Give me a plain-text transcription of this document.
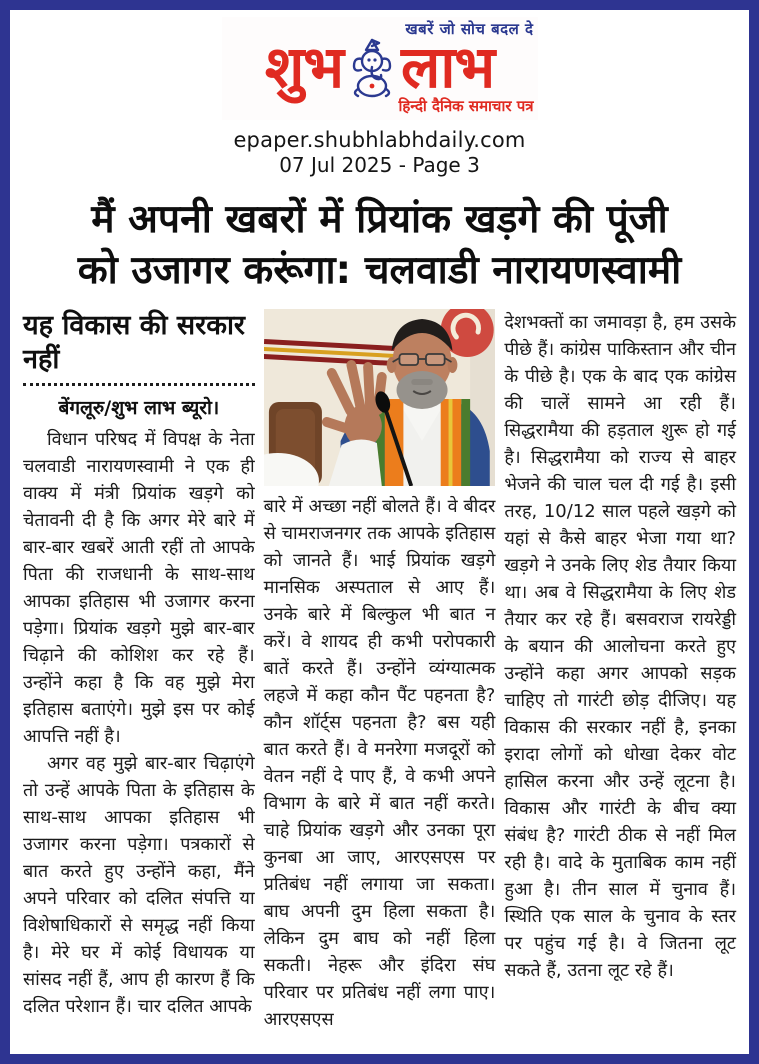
खबरें जो सोच बदल दे
शुभ लाभ
हिन्दी दैनिक समाचार पत्र
epaper.shubhlabhdaily.com
07 Jul 2025 - Page 3
मैं अपनी खबरों में प्रियांक खड़गे की पूंजी
को उजागर करूंगा: चलवाडी नारायणस्वामी
यह विकास की सरकार नहीं
बेंगलूरु/शुभ लाभ ब्यूरो।

विधान परिषद में विपक्ष के नेता चलवाडी नारायणस्वामी ने एक ही वाक्य में मंत्री प्रियांक खड़गे को चेतावनी दी है कि अगर मेरे बारे में बार-बार खबरें आती रहीं तो आपके पिता की राजधानी के साथ-साथ आपका इतिहास भी उजागर करना पड़ेगा। प्रियांक खड़गे मुझे बार-बार चिढ़ाने की कोशिश कर रहे हैं। उन्होंने कहा है कि वह मुझे मेरा इतिहास बताएंगे। मुझे इस पर कोई आपत्ति नहीं है।

अगर वह मुझे बार-बार चिढ़ाएंगे तो उन्हें आपके पिता के इतिहास के साथ-साथ आपका इतिहास भी उजागर करना पड़ेगा। पत्रकारों से बात करते हुए उन्होंने कहा, मैंने अपने परिवार को दलित संपत्ति या विशेषाधिकारों से समृद्ध नहीं किया है। मेरे घर में कोई विधायक या सांसद नहीं हैं, आप ही कारण हैं कि दलित परेशान हैं। चार दलित आपके

बारे में अच्छा नहीं बोलते हैं। वे बीदर से चामराजनगर तक आपके इतिहास को जानते हैं। भाई प्रियांक खड़गे मानसिक अस्पताल से आए हैं। उनके बारे में बिल्कुल भी बात न करें। वे शायद ही कभी परोपकारी बातें करते हैं। उन्होंने व्यंग्यात्मक लहजे में कहा कौन पैंट पहनता है? कौन शॉर्ट्स पहनता है? बस यही बात करते हैं। वे मनरेगा मजदूरों को वेतन नहीं दे पाए हैं, वे कभी अपने विभाग के बारे में बात नहीं करते। चाहे प्रियांक खड़गे और उनका पूरा कुनबा आ जाए, आरएसएस पर प्रतिबंध नहीं लगाया जा सकता। बाघ अपनी दुम हिला सकता है। लेकिन दुम बाघ को नहीं हिला सकती। नेहरू और इंदिरा संघ परिवार पर प्रतिबंध नहीं लगा पाए। आरएसएस

देशभक्तों का जमावड़ा है, हम उसके पीछे हैं। कांग्रेस पाकिस्तान और चीन के पीछे है। एक के बाद एक कांग्रेस की चालें सामने आ रही हैं। सिद्धरामैया की हड़ताल शुरू हो गई है। सिद्धरामैया को राज्य से बाहर भेजने की चाल चल दी गई है। इसी तरह, 10/12 साल पहले खड़गे को यहां से कैसे बाहर भेजा गया था? खड़गे ने उनके लिए शेड तैयार किया था। अब वे सिद्धरामैया के लिए शेड तैयार कर रहे हैं। बसवराज रायरेड्डी के बयान की आलोचना करते हुए उन्होंने कहा अगर आपको सड़क चाहिए तो गारंटी छोड़ दीजिए। यह विकास की सरकार नहीं है, इनका इरादा लोगों को धोखा देकर वोट हासिल करना और उन्हें लूटना है। विकास और गारंटी के बीच क्या संबंध है? गारंटी ठीक से नहीं मिल रही है। वादे के मुताबिक काम नहीं हुआ है। तीन साल में चुनाव हैं। स्थिति एक साल के चुनाव के स्तर पर पहुंच गई है। वे जितना लूट सकते हैं, उतना लूट रहे हैं।
